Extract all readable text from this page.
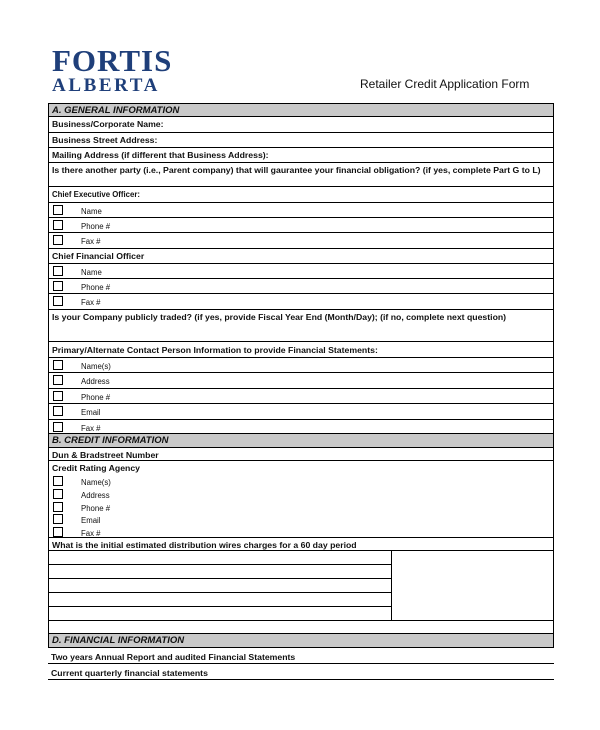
FORTIS
ALBERTA	Retailer Credit Application Form
A. GENERAL INFORMATION
Business/Corporate Name:
Business Street Address:
Mailing Address (if different that Business Address):
Is there another party (i.e., Parent company) that will gaurantee your financial obligation? (if yes, complete Part G to L)
Chief Executive Officer:
Name
Phone #
Fax #
Chief Financial Officer
Name
Phone #
Fax #
Is your Company publicly traded? (if yes, provide Fiscal Year End (Month/Day); (if no, complete next question)
Primary/Alternate Contact Person Information to provide Financial Statements:
Name(s)
Address
Phone #
Email
Fax #
B. CREDIT INFORMATION
Dun & Bradstreet Number
Credit Rating Agency
Name(s)
Address
Phone #
Email
Fax #
What is the initial estimated distribution wires charges for a 60 day period
D. FINANCIAL INFORMATION
Two years Annual Report and audited Financial Statements
Current quarterly financial statements
